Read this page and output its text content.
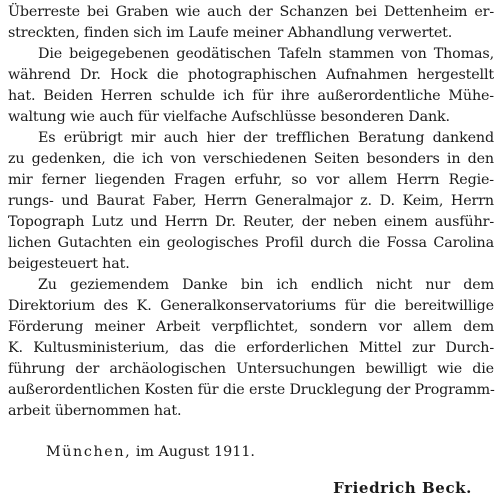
Überreste bei Graben wie auch der Schanzen bei Dettenheim er-
streckten, finden sich im Laufe meiner Abhandlung verwertet.
Die beigegebenen geodätischen Tafeln stammen von Thomas,
während Dr. Hock die photographischen Aufnahmen hergestellt
hat. Beiden Herren schulde ich für ihre außerordentliche Mühe-
waltung wie auch für vielfache Aufschlüsse besonderen Dank.
Es erübrigt mir auch hier der trefflichen Beratung dankend
zu gedenken, die ich von verschiedenen Seiten besonders in den
mir ferner liegenden Fragen erfuhr, so vor allem Herrn Regie-
rungs- und Baurat Faber, Herrn Generalmajor z. D. Keim, Herrn
Topograph Lutz und Herrn Dr. Reuter, der neben einem ausführ-
lichen Gutachten ein geologisches Profil durch die Fossa Carolina
beigesteuert hat.
Zu geziemendem Danke bin ich endlich nicht nur dem
Direktorium des K. Generalkonservatoriums für die bereitwillige
Förderung meiner Arbeit verpflichtet, sondern vor allem dem
K. Kultusministerium, das die erforderlichen Mittel zur Durch-
führung der archäologischen Untersuchungen bewilligt wie die
außerordentlichen Kosten für die erste Drucklegung der Programm-
arbeit übernommen hat.
München, im August 1911.
Friedrich Beck.
